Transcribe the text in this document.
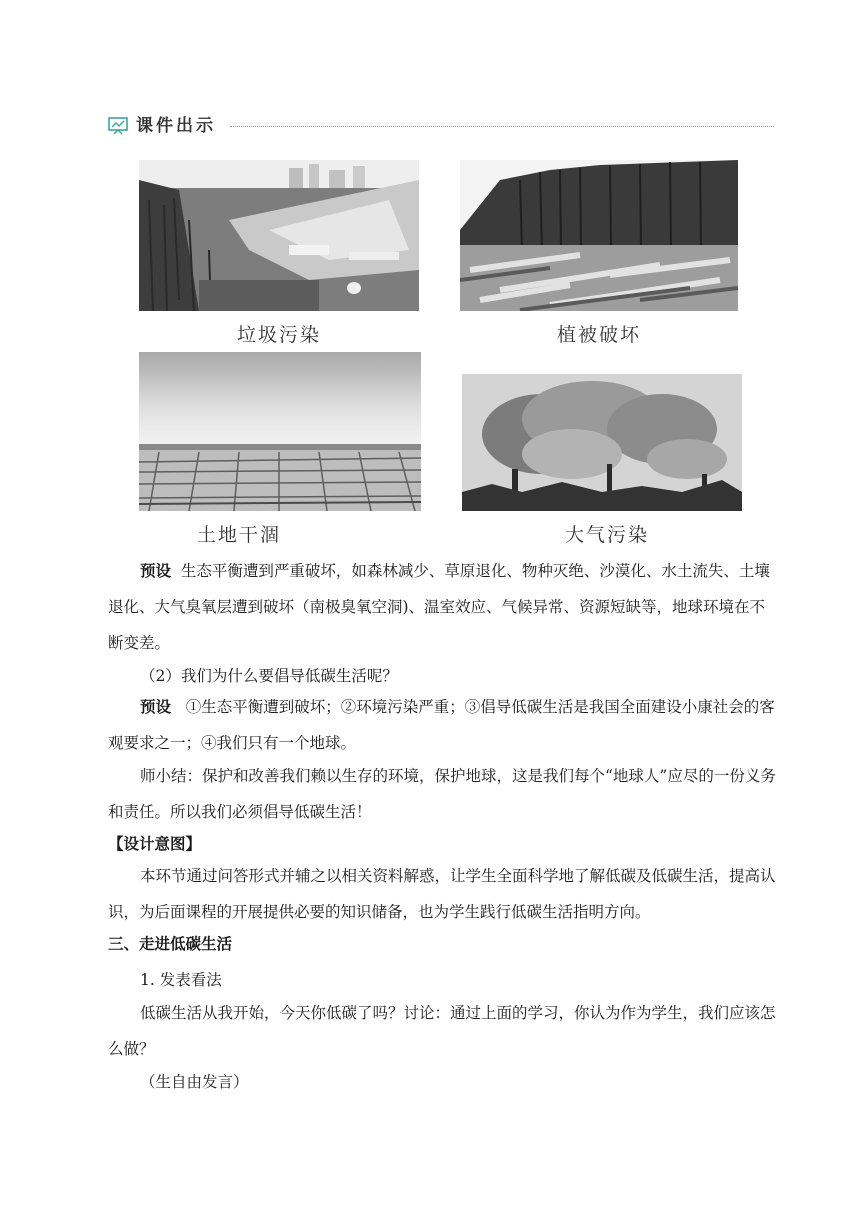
课件出示
垃圾污染	植被破坏
土地干涸	大气污染

预设 生态平衡遭到严重破坏，如森林减少、草原退化、物种灭绝、沙漠化、水土流失、土壤退化、大气臭氧层遭到破坏（南极臭氧空洞)、温室效应、气候异常、资源短缺等，地球环境在不断变差。

（2）我们为什么要倡导低碳生活呢？

预设 ①生态平衡遭到破坏；②环境污染严重；③倡导低碳生活是我国全面建设小康社会的客观要求之一；④我们只有一个地球。

师小结：保护和改善我们赖以生存的环境，保护地球，这是我们每个“地球人”应尽的一份义务和责任。所以我们必须倡导低碳生活！

【设计意图】

本环节通过问答形式并辅之以相关资料解惑，让学生全面科学地了解低碳及低碳生活，提高认识，为后面课程的开展提供必要的知识储备，也为学生践行低碳生活指明方向。

三、走进低碳生活

1. 发表看法

低碳生活从我开始，今天你低碳了吗？讨论：通过上面的学习，你认为作为学生，我们应该怎么做？

（生自由发言）
